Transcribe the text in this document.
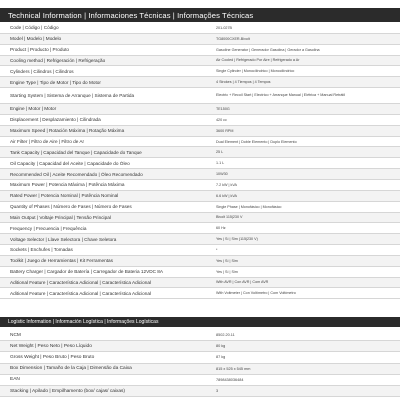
Technical Information | Informaciones Técnicas | Informações Técnicas
Code | Código | Código	201-027B
Model | Modelo | Modelo	TG8000CXER-Bivolt
Product | Producto | Produto	Gasoline Generator | Generador Gasolina | Gerador a Gasolina
Cooling method | Refrigeración | Refrigeração	Air Cooled | Refrigerado Por Aire | Refrigerado a Ar
Cylinders | Cilindros | Cilindros	Single Cylinder | Monocilíndrico | Monocilíndrico
Engine Type | Tipo de Motor | Tipo do Motor	4 Strokes | 4 Tiempos | 4 Tempos
Starting System | Sistema de Arranque | Sistema de Partida	Electric + Recoil Start | Electrico + Arranque Manual | Elétrica + Manual Retrátil
Engine | Motor | Motor	TE150G
Displacement | Desplazamiento | Cilindrada	420 cc
Maximum Speed | Rotación Máxima | Rotação Máxima	3600 RPM
Air Filter | Filtro de Aire | Filtro de Ar	Dual Element | Doble Elemento | Duplo Elemento
Tank Capacity | Capacidad del Tanque | Capacidade do Tanque	25 L
Oil Capacity | Capacidad del Aceite | Capacidade do Óleo	1.1 L
Recommended Oil | Aceite Recomendado | Óleo Recomendado	10W30
Maximum Power | Potencia Máxima | Potência Máxima	7.2 kW | kVA
Rated Power | Potencia Nominal | Potência Nominal	6.6 kW | kVA
Quantity of Phases | Número de Fases | Número de Fases	Single Phase | Monofásico | Monofásico
Main Output | Voltaje Principal | Tensão Principal	Bivolt 115|230 V
Frequency | Frecuencia | Frequência	60 Hz
Voltage Selector | Llave Selectora | Chave Seletora	Yes | Sí | Sim (115|230 V)
Sockets | Enchufes | Tomadas	*
Toolkit | Juego de Herramientas | Kit Ferramentas	Yes | Sí | Sim
Battery Charger | Cargador de Batería | Carregador de Bateria 12VDC 8A	Yes | Sí | Sim
Aditional Feature | Característica Adicional | Característica Adicional	With AVR | Con AVR | Com AVR
Aditional Feature | Característica Adicional | Característica Adicional	With Voltmeter | Con Voltímetro | Com Voltímetro
Logistic Information | Información Logística | Informações Logísticas
NCM	8502.20.11
Net Weight | Peso Neto | Peso Líquido	80 kg
Gross Weight | Peso Bruto | Peso Bruto	87 kg
Box Dimension | Tamaño de la Caja | Dimensão da Caixa	815 x 525 x 545 mm
EAN	7898438036484
Stacking | Apilado | Empilhamento (box/ cajas/ caixas)	3
